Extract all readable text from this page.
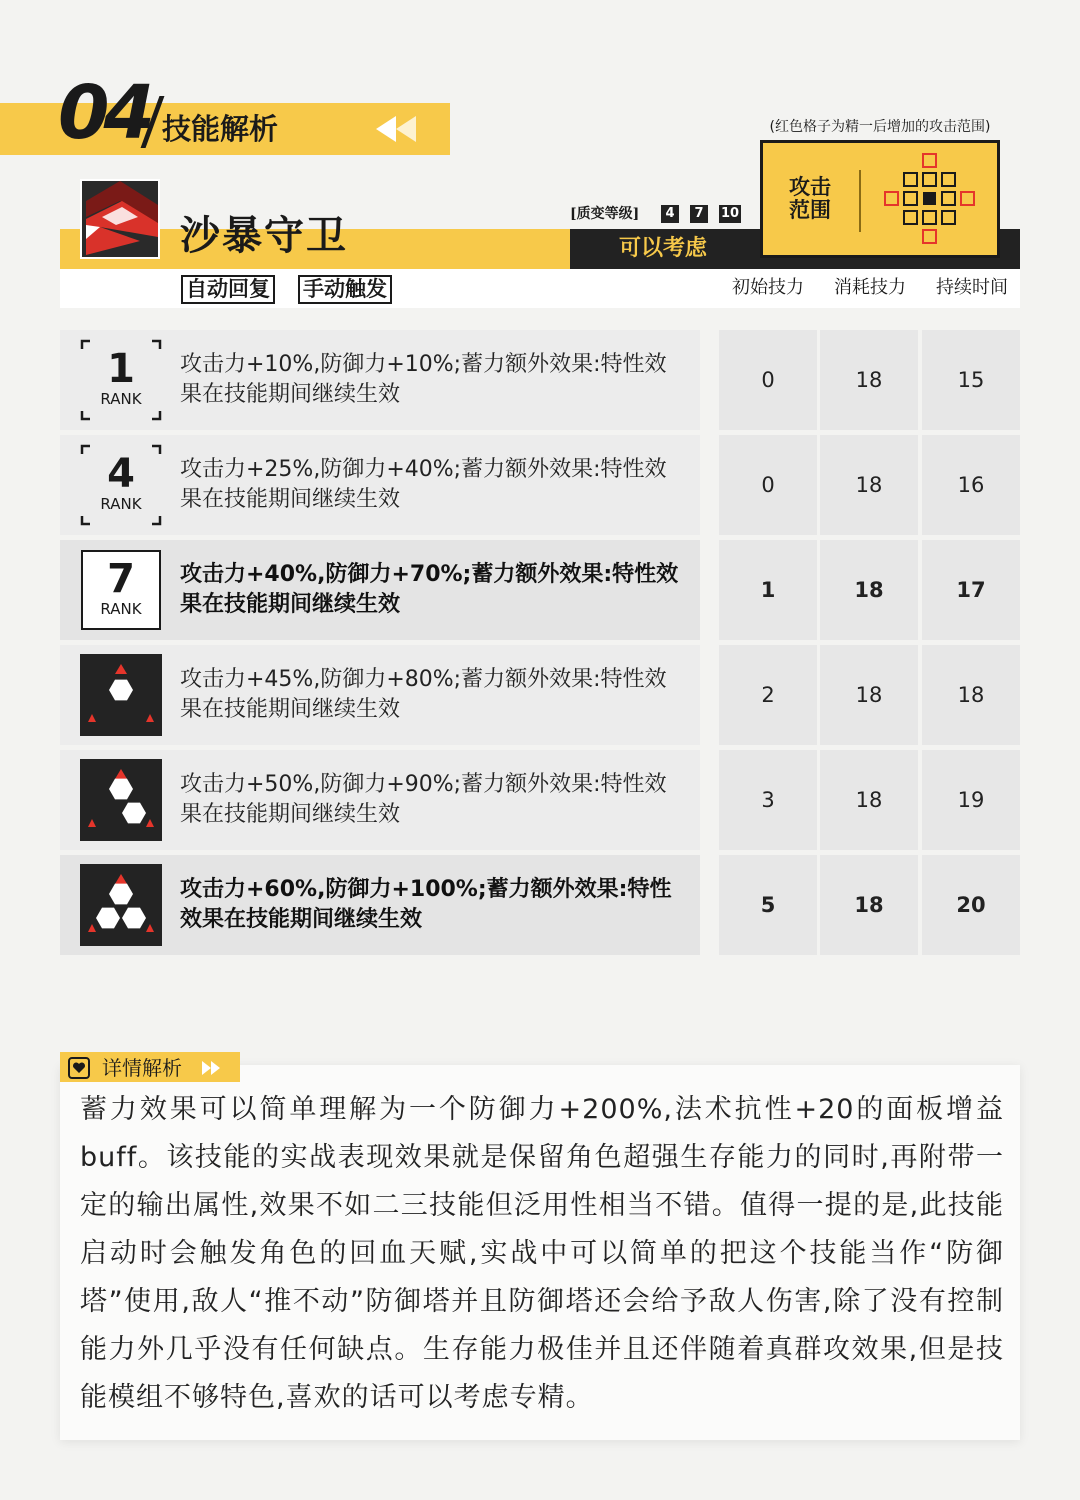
04 技能解析
沙暴守卫
自动回复 手动触发
[质变等级]	4	7	10
可以考虑
初始技力	消耗技力	持续时间
(红色格子为精一后增加的攻击范围)
攻击
范围
1
RANK
攻击力+10%,防御力+10%;蓄力额外效果:特性效果在技能期间继续生效
0	18	15
4
RANK
攻击力+25%,防御力+40%;蓄力额外效果:特性效果在技能期间继续生效
0	18	16
7
RANK
攻击力+40%,防御力+70%;蓄力额外效果:特性效果在技能期间继续生效
1	18	17
攻击力+45%,防御力+80%;蓄力额外效果:特性效果在技能期间继续生效
2	18	18
攻击力+50%,防御力+90%;蓄力额外效果:特性效果在技能期间继续生效
3	18	19
攻击力+60%,防御力+100%;蓄力额外效果:特性效果在技能期间继续生效
5	18	20
详情解析
蓄力效果可以简单理解为一个防御力+200%,法术抗性+20的面板增益buff。该技能的实战表现效果就是保留角色超强生存能力的同时,再附带一定的输出属性,效果不如二三技能但泛用性相当不错。值得一提的是,此技能启动时会触发角色的回血天赋,实战中可以简单的把这个技能当作“防御塔”使用,敌人“推不动”防御塔并且防御塔还会给予敌人伤害,除了没有控制能力外几乎没有任何缺点。生存能力极佳并且还伴随着真群攻效果,但是技能模组不够特色,喜欢的话可以考虑专精。
